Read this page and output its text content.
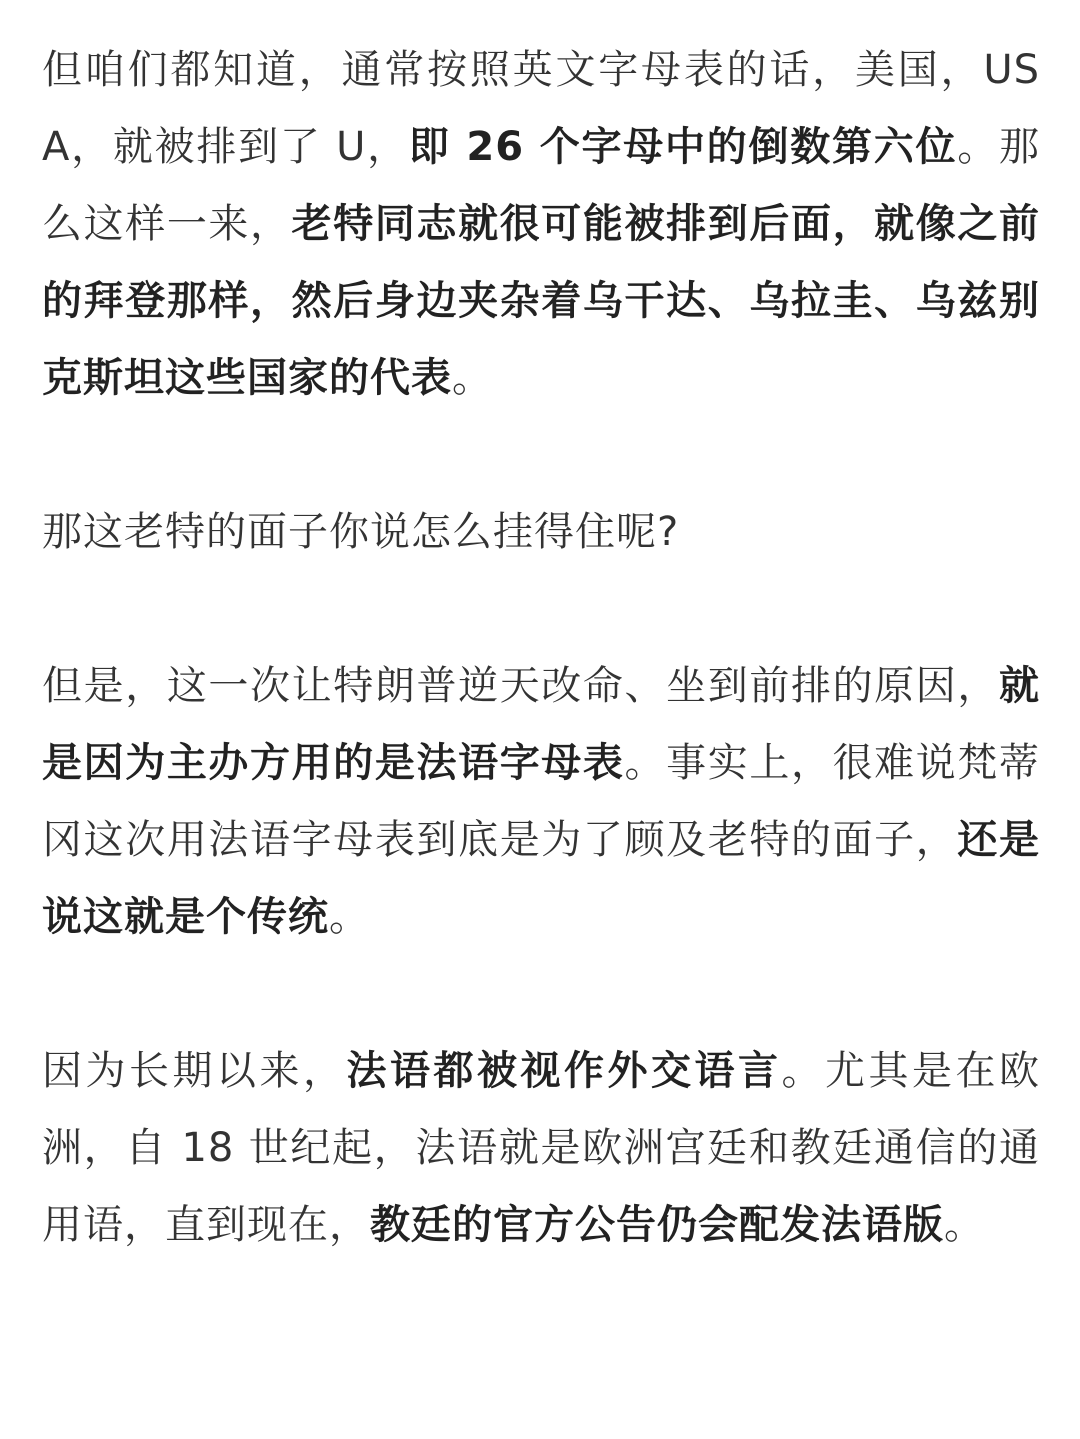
但咱们都知道，通常按照英文字母表的话，美国，USA，就被排到了 U，即 26 个字母中的倒数第六位。那么这样一来，老特同志就很可能被排到后面，就像之前的拜登那样，然后身边夹杂着乌干达、乌拉圭、乌兹别克斯坦这些国家的代表。

那这老特的面子你说怎么挂得住呢?

但是，这一次让特朗普逆天改命、坐到前排的原因，就是因为主办方用的是法语字母表。事实上，很难说梵蒂冈这次用法语字母表到底是为了顾及老特的面子，还是说这就是个传统。

因为长期以来，法语都被视作外交语言。尤其是在欧洲，自 18 世纪起，法语就是欧洲宫廷和教廷通信的通用语，直到现在，教廷的官方公告仍会配发法语版。
